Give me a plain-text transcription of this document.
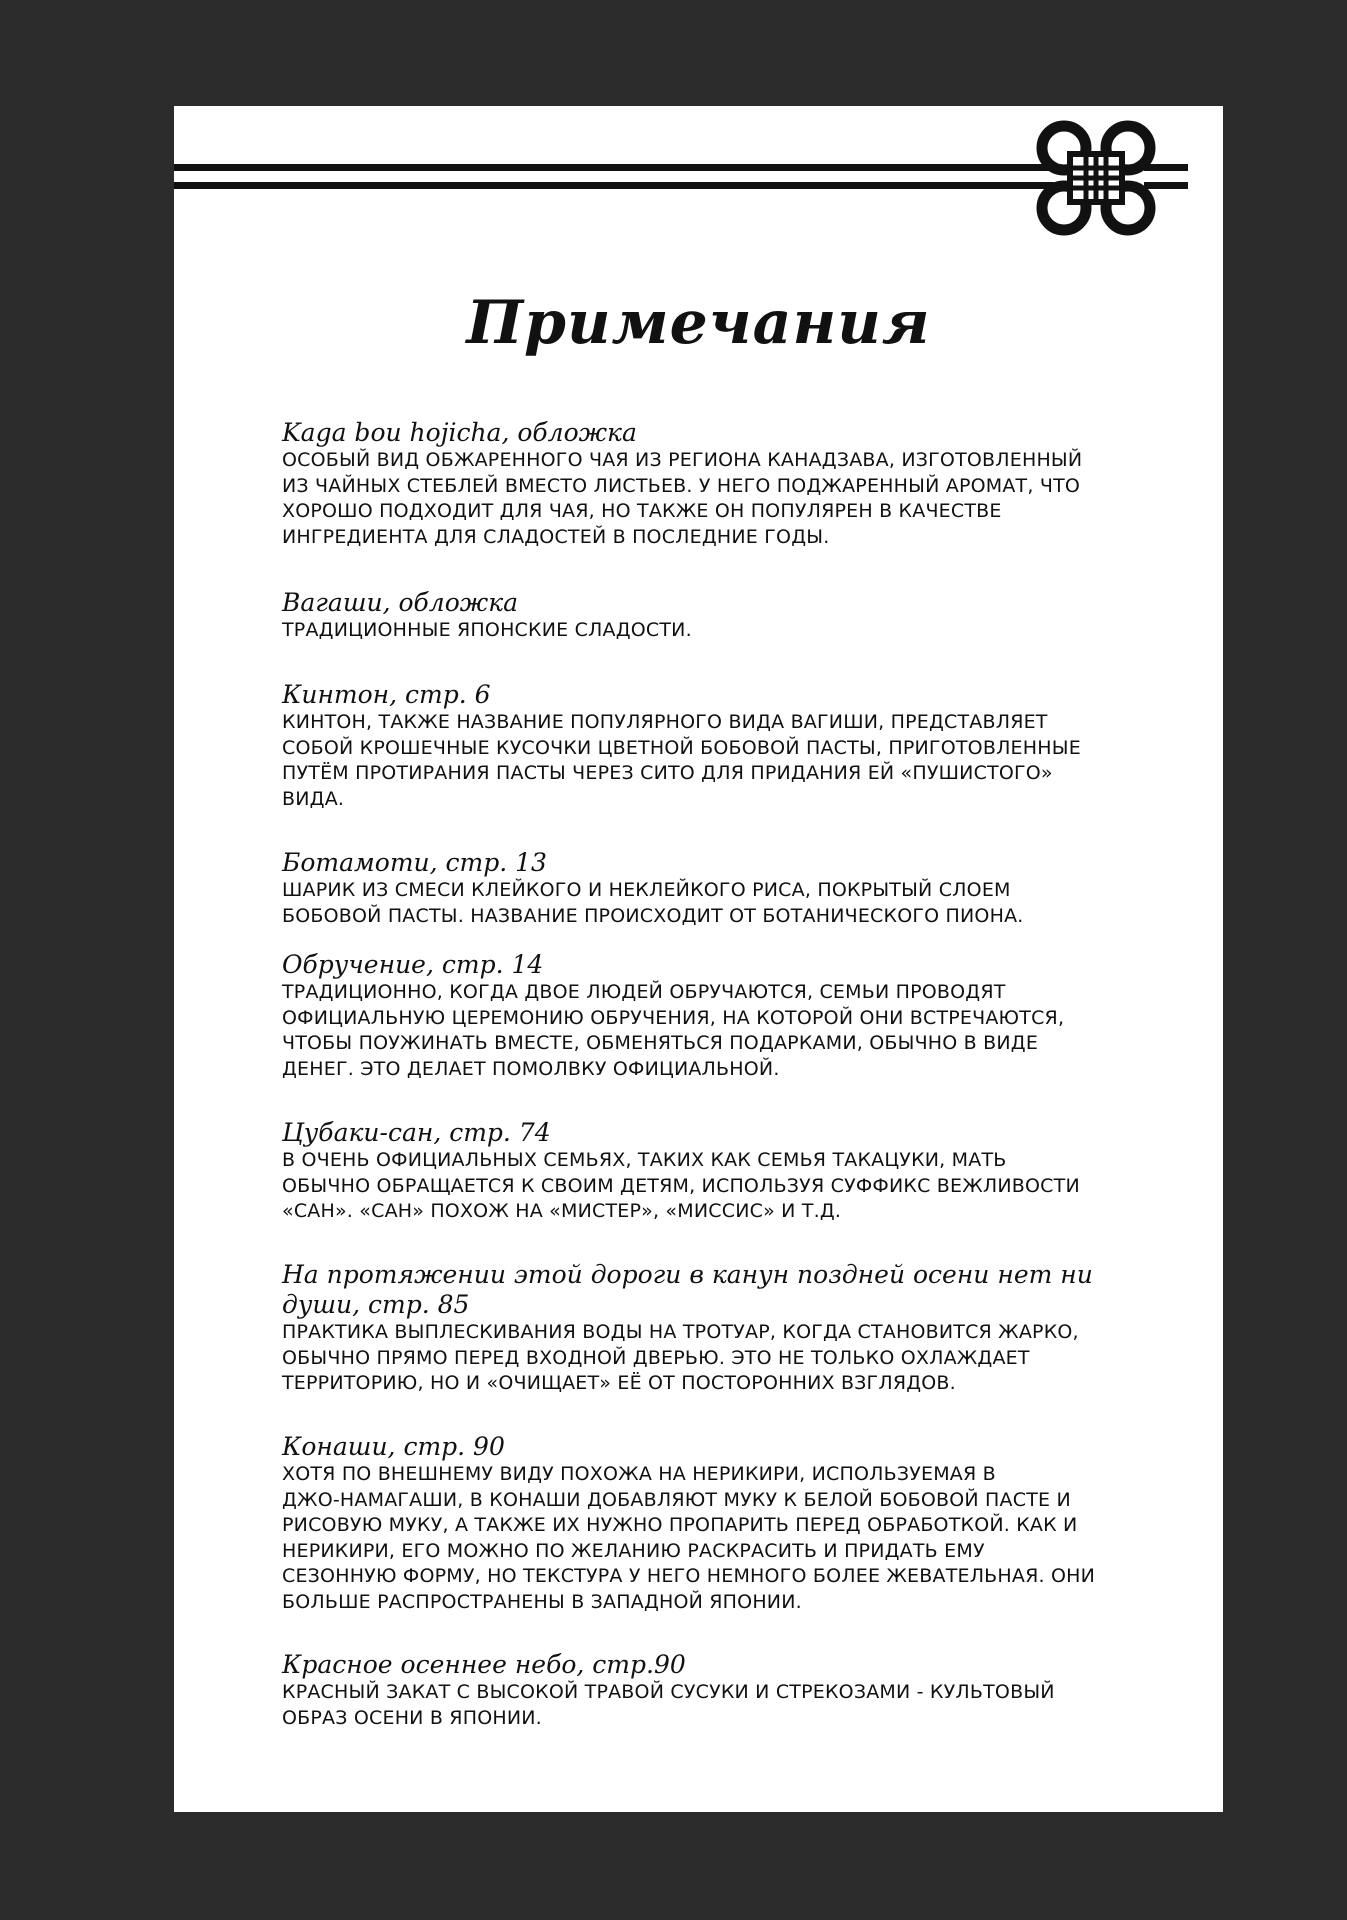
Примечания
Kaga bou hojicha, обложка
ОСОБЫЙ ВИД ОБЖАРЕННОГО ЧАЯ ИЗ РЕГИОНА КАНАДЗАВА, ИЗГОТОВЛЕННЫЙ
ИЗ ЧАЙНЫХ СТЕБЛЕЙ ВМЕСТО ЛИСТЬЕВ. У НЕГО ПОДЖАРЕННЫЙ АРОМАТ, ЧТО
ХОРОШО ПОДХОДИТ ДЛЯ ЧАЯ, НО ТАКЖЕ ОН ПОПУЛЯРЕН В КАЧЕСТВЕ
ИНГРЕДИЕНТА ДЛЯ СЛАДОСТЕЙ В ПОСЛЕДНИЕ ГОДЫ.
Вагаши, обложка
ТРАДИЦИОННЫЕ ЯПОНСКИЕ СЛАДОСТИ.
Кинтон, стр. 6
КИНТОН, ТАКЖЕ НАЗВАНИЕ ПОПУЛЯРНОГО ВИДА ВАГИШИ, ПРЕДСТАВЛЯЕТ
СОБОЙ КРОШЕЧНЫЕ КУСОЧКИ ЦВЕТНОЙ БОБОВОЙ ПАСТЫ, ПРИГОТОВЛЕННЫЕ
ПУТЁМ ПРОТИРАНИЯ ПАСТЫ ЧЕРЕЗ СИТО ДЛЯ ПРИДАНИЯ ЕЙ «ПУШИСТОГО»
ВИДА.
Ботамоти, стр. 13
ШАРИК ИЗ СМЕСИ КЛЕЙКОГО И НЕКЛЕЙКОГО РИСА, ПОКРЫТЫЙ СЛОЕМ
БОБОВОЙ ПАСТЫ. НАЗВАНИЕ ПРОИСХОДИТ ОТ БОТАНИЧЕСКОГО ПИОНА.
Обручение, стр. 14
ТРАДИЦИОННО, КОГДА ДВОЕ ЛЮДЕЙ ОБРУЧАЮТСЯ, СЕМЬИ ПРОВОДЯТ
ОФИЦИАЛЬНУЮ ЦЕРЕМОНИЮ ОБРУЧЕНИЯ, НА КОТОРОЙ ОНИ ВСТРЕЧАЮТСЯ,
ЧТОБЫ ПОУЖИНАТЬ ВМЕСТЕ, ОБМЕНЯТЬСЯ ПОДАРКАМИ, ОБЫЧНО В ВИДЕ
ДЕНЕГ. ЭТО ДЕЛАЕТ ПОМОЛВКУ ОФИЦИАЛЬНОЙ.
Цубаки-сан, стр. 74
В ОЧЕНЬ ОФИЦИАЛЬНЫХ СЕМЬЯХ, ТАКИХ КАК СЕМЬЯ ТАКАЦУКИ, МАТЬ
ОБЫЧНО ОБРАЩАЕТСЯ К СВОИМ ДЕТЯМ, ИСПОЛЬЗУЯ СУФФИКС ВЕЖЛИВОСТИ
«САН». «САН» ПОХОЖ НА «МИСТЕР», «МИССИС» И Т.Д.
На протяжении этой дороги в канун поздней осени нет ни души, стр. 85
ПРАКТИКА ВЫПЛЕСКИВАНИЯ ВОДЫ НА ТРОТУАР, КОГДА СТАНОВИТСЯ ЖАРКО,
ОБЫЧНО ПРЯМО ПЕРЕД ВХОДНОЙ ДВЕРЬЮ. ЭТО НЕ ТОЛЬКО ОХЛАЖДАЕТ
ТЕРРИТОРИЮ, НО И «ОЧИЩАЕТ» ЕЁ ОТ ПОСТОРОННИХ ВЗГЛЯДОВ.
Конаши, стр. 90
ХОТЯ ПО ВНЕШНЕМУ ВИДУ ПОХОЖА НА НЕРИКИРИ, ИСПОЛЬЗУЕМАЯ В
ДЖО-НАМАГАШИ, В КОНАШИ ДОБАВЛЯЮТ МУКУ К БЕЛОЙ БОБОВОЙ ПАСТЕ И
РИСОВУЮ МУКУ, А ТАКЖЕ ИХ НУЖНО ПРОПАРИТЬ ПЕРЕД ОБРАБОТКОЙ. КАК И
НЕРИКИРИ, ЕГО МОЖНО ПО ЖЕЛАНИЮ РАСКРАСИТЬ И ПРИДАТЬ ЕМУ
СЕЗОННУЮ ФОРМУ, НО ТЕКСТУРА У НЕГО НЕМНОГО БОЛЕЕ ЖЕВАТЕЛЬНАЯ. ОНИ
БОЛЬШЕ РАСПРОСТРАНЕНЫ В ЗАПАДНОЙ ЯПОНИИ.
Красное осеннее небо, стр.90
КРАСНЫЙ ЗАКАТ С ВЫСОКОЙ ТРАВОЙ СУСУКИ И СТРЕКОЗАМИ - КУЛЬТОВЫЙ
ОБРАЗ ОСЕНИ В ЯПОНИИ.
